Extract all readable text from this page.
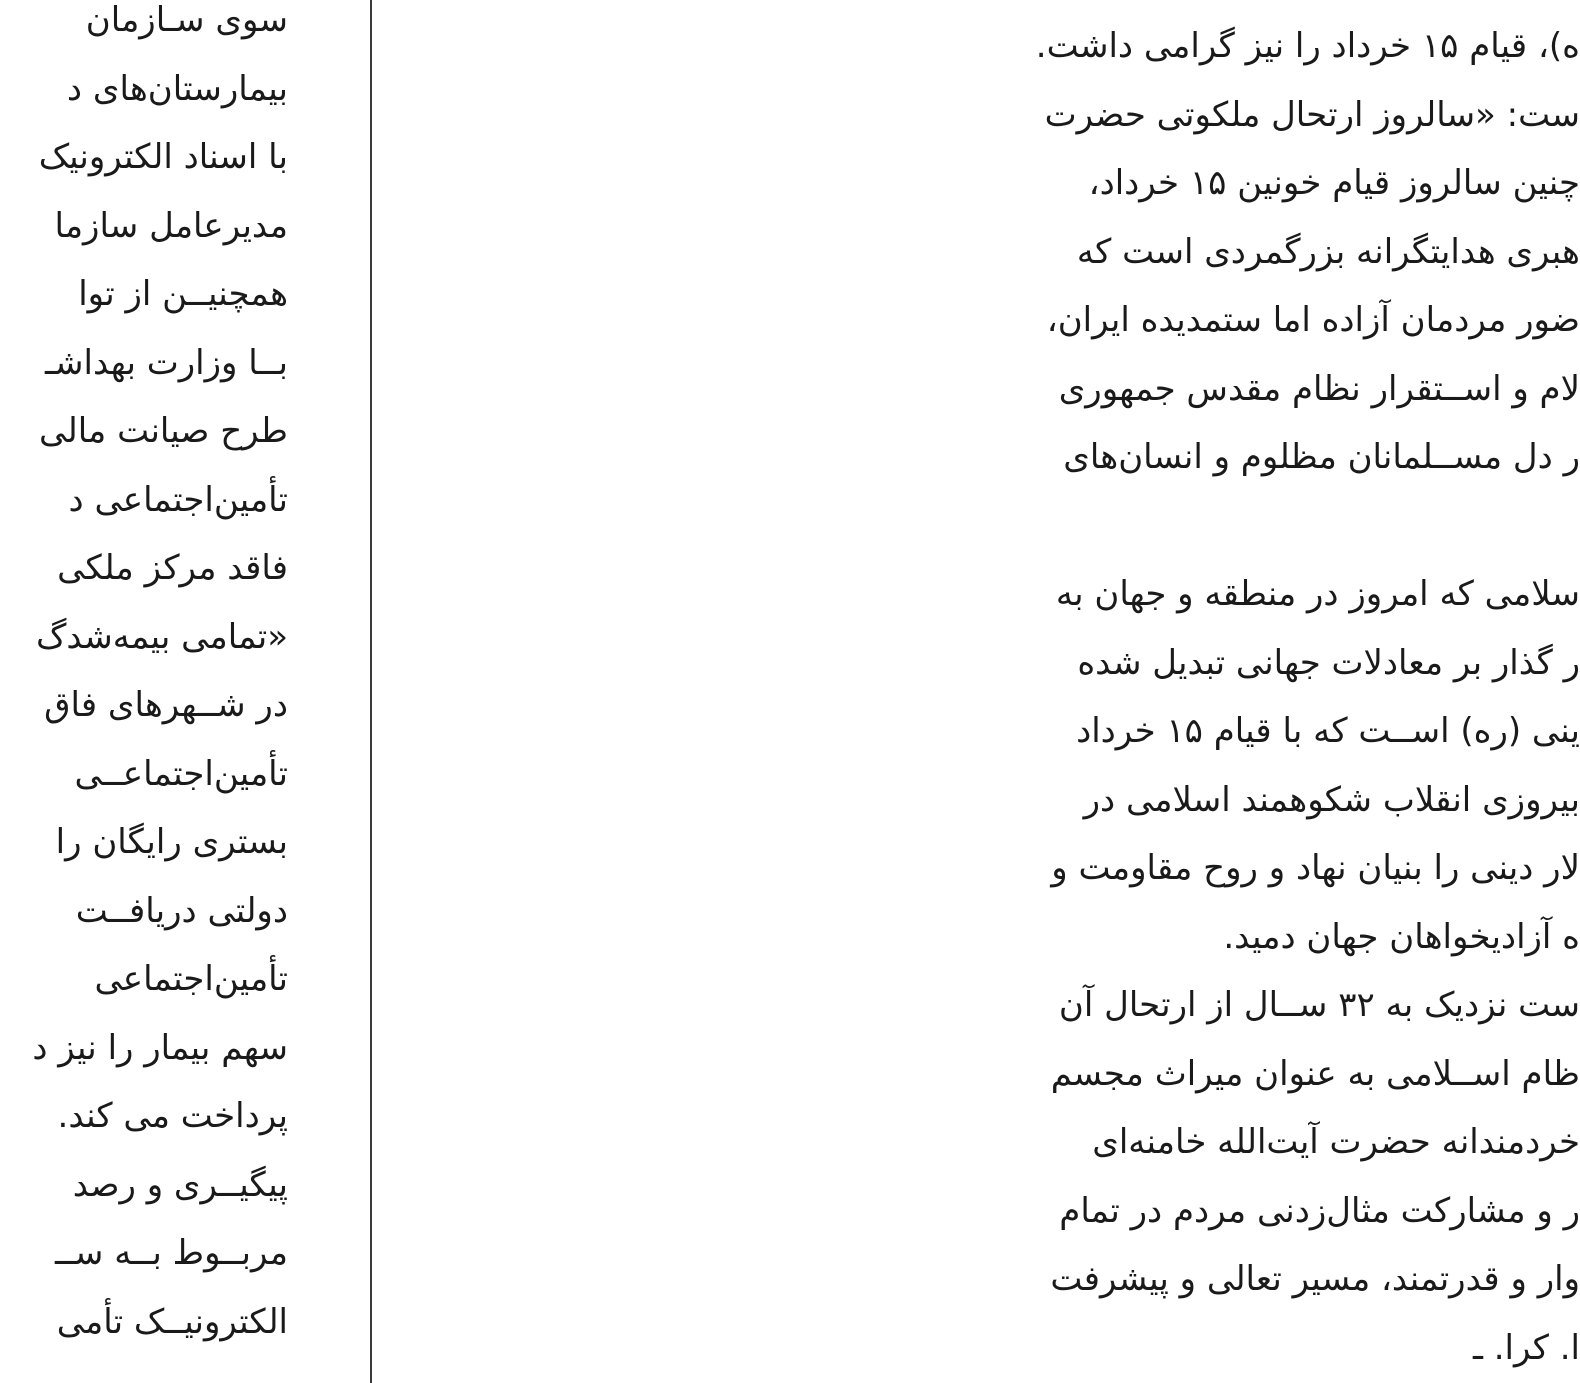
سوی سـازمان
بیمارستان‌های د
با اسناد الکترونیک
مدیرعامل سازما
همچنیــن از توا
بــا وزارت بهداشـ
طرح صیانت مالی
تأمین‌اجتماعی د
فاقد مرکز ملکی
«تمامی بیمه‌شدگ
در شــهرهای فاق
تأمین‌اجتماعــی
بستری رایگان را
دولتی دریافــت
تأمین‌اجتماعی
سهم بیمار را نیز د
پرداخت می کند.
پیگیــری و رصد
مربــوط بــه ســ
الکترونیــک تأمی
ه)، قیام ۱۵ خرداد را نیز گرامی داشت.
ست: «سالروز ارتحال ملکوتی حضرت
چنین سالروز قیام خونین ۱۵ خرداد،
هبری هدایتگرانه بزرگمردی است که
ضور مردمان آزاده اما ستمدیده ایران،
لام و اســتقرار نظام مقدس جمهوری
ر دل مســلمانان مظلوم و انسان‌های
سلامی که امروز در منطقه و جهان به
ر گذار بر معادلات جهانی تبدیل شده
ینی (ره) اســت که با قیام ۱۵ خرداد
بیروزی انقلاب شکوهمند اسلامی در
لار دینی را بنیان نهاد و روح مقاومت و
ه آزادیخواهان جهان دمید.
ست نزدیک به ۳۲ ســال از ارتحال آن
ظام اســلامی به عنوان میراث مجسم
خردمندانه حضرت آیت‌الله خامنه‌ای
ر و مشارکت مثال‌زدنی مردم در تمام
وار و قدرتمند، مسیر تعالی و پیشرفت
ا. کرا. ـ
